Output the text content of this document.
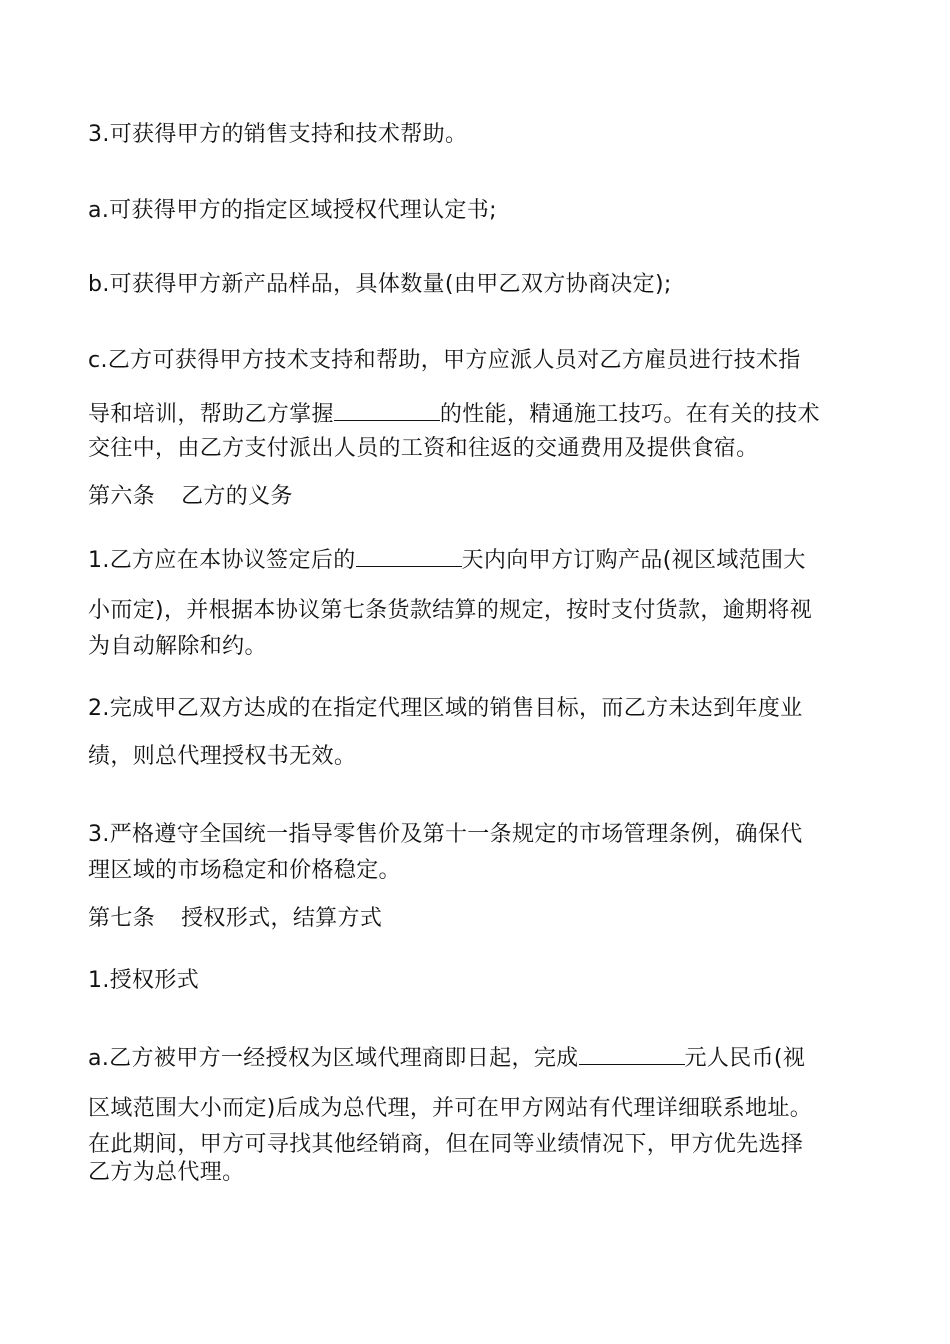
3.可获得甲方的销售支持和技术帮助。
a.可获得甲方的指定区域授权代理认定书;
b.可获得甲方新产品样品，具体数量(由甲乙双方协商决定);
c.乙方可获得甲方技术支持和帮助，甲方应派人员对乙方雇员进行技术指
导和培训，帮助乙方掌握	的性能，精通施工技巧。在有关的技术
交往中，由乙方支付派出人员的工资和往返的交通费用及提供食宿。
第六条 乙方的义务
1.乙方应在本协议签定后的	天内向甲方订购产品(视区域范围大
小而定)，并根据本协议第七条货款结算的规定，按时支付货款，逾期将视
为自动解除和约。
2.完成甲乙双方达成的在指定代理区域的销售目标，而乙方未达到年度业
绩，则总代理授权书无效。
3.严格遵守全国统一指导零售价及第十一条规定的市场管理条例，确保代
理区域的市场稳定和价格稳定。
第七条 授权形式，结算方式
1.授权形式
a.乙方被甲方一经授权为区域代理商即日起，完成	元人民币(视
区域范围大小而定)后成为总代理，并可在甲方网站有代理详细联系地址。
在此期间，甲方可寻找其他经销商，但在同等业绩情况下，甲方优先选择
乙方为总代理。
